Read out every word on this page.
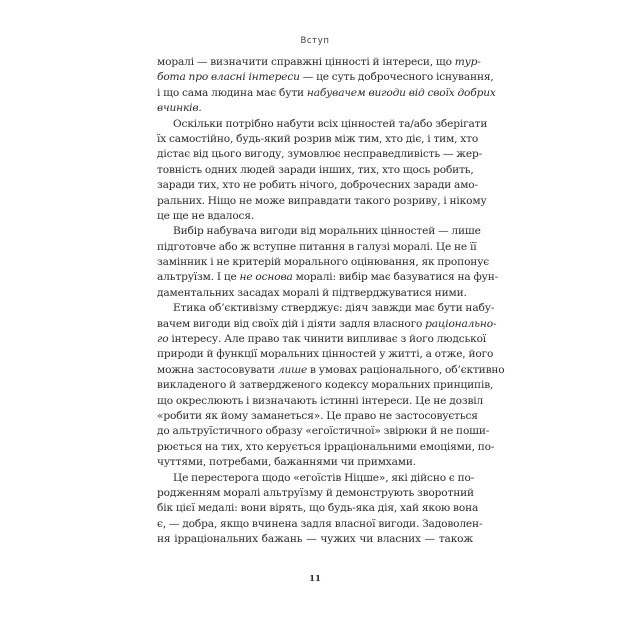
Вступ
моралі — визначити справжні цінності й інтереси, що тур-
бота про власні інтереси — це суть доброчесного існування,
і що сама людина має бути набувачем вигоди від своїх добрих
вчинків.
Оскільки потрібно набути всіх цінностей та/або зберігати
їх самостійно, будь-який розрив між тим, хто діє, і тим, хто
дістає від цього вигоду, зумовлює несправедливість — жер-
товність одних людей заради інших, тих, хто щось робить,
заради тих, хто не робить нічого, доброчесних заради амо-
ральних. Ніщо не може виправдати такого розриву, і нікому
це ще не вдалося.
Вибір набувача вигоди від моральних цінностей — лише
підготовче або ж вступне питання в галузі моралі. Це не її
замінник і не критерій морального оцінювання, як пропонує
альтруїзм. І це не основа моралі: вибір має базуватися на фун-
даментальних засадах моралі й підтверджуватися ними.
Етика об’єктивізму стверджує: діяч завжди має бути набу-
вачем вигоди від своїх дій і діяти задля власного раціонально-
го інтересу. Але право так чинити випливає з його людської
природи й функції моральних цінностей у житті, а отже, його
можна застосовувати лише в умовах раціонального, об’єктивно
викладеного й затвердженого кодексу моральних принципів,
що окреслюють і визначають істинні інтереси. Це не дозвіл
«робити як йому заманеться». Це право не застосовується
до альтруїстичного образу «егоїстичної» звірюки й не поши-
рюється на тих, хто керується ірраціональними емоціями, по-
чуттями, потребами, бажаннями чи примхами.
Це перестерога щодо «егоїстів Ніцше», які дійсно є по-
родженням моралі альтруїзму й демонструють зворотний
бік цієї медалі: вони вірять, що будь-яка дія, хай якою вона
є, — добра, якщо вчинена задля власної вигоди. Задоволен-
ня ірраціональних бажань — чужих чи власних — також
11
